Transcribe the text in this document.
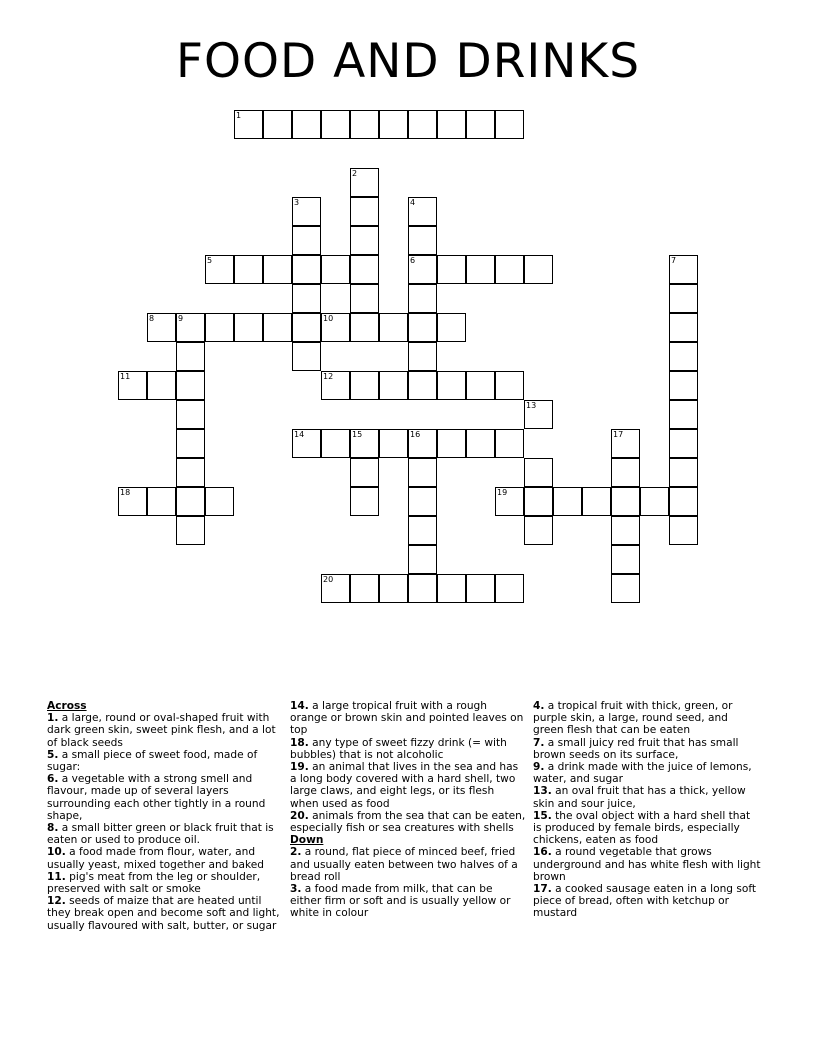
FOOD AND DRINKS
1
2
3	4
5	6	7
8	9	10
11	12
13
14	15	16	17
18	19
20

Across

1. a large, round or oval-shaped fruit with dark green skin, sweet pink flesh, and a lot of black seeds

5. a small piece of sweet food, made of sugar:

6. a vegetable with a strong smell and flavour, made up of several layers surrounding each other tightly in a round shape,

8. a small bitter green or black fruit that is eaten or used to produce oil.

10. a food made from flour, water, and usually yeast, mixed together and baked

11. pig's meat from the leg or shoulder, preserved with salt or smoke

12. seeds of maize that are heated until they break open and become soft and light, usually flavoured with salt, butter, or sugar

14. a large tropical fruit with a rough orange or brown skin and pointed leaves on top

18. any type of sweet fizzy drink (= with bubbles) that is not alcoholic

19. an animal that lives in the sea and has a long body covered with a hard shell, two large claws, and eight legs, or its flesh when used as food

20. animals from the sea that can be eaten, especially fish or sea creatures with shells

Down

2. a round, flat piece of minced beef, fried and usually eaten between two halves of a bread roll

3. a food made from milk, that can be either firm or soft and is usually yellow or white in colour

4. a tropical fruit with thick, green, or purple skin, a large, round seed, and green flesh that can be eaten

7. a small juicy red fruit that has small brown seeds on its surface,

9. a drink made with the juice of lemons, water, and sugar

13. an oval fruit that has a thick, yellow skin and sour juice,

15. the oval object with a hard shell that is produced by female birds, especially chickens, eaten as food

16. a round vegetable that grows underground and has white flesh with light brown

17. a cooked sausage eaten in a long soft piece of bread, often with ketchup or mustard
